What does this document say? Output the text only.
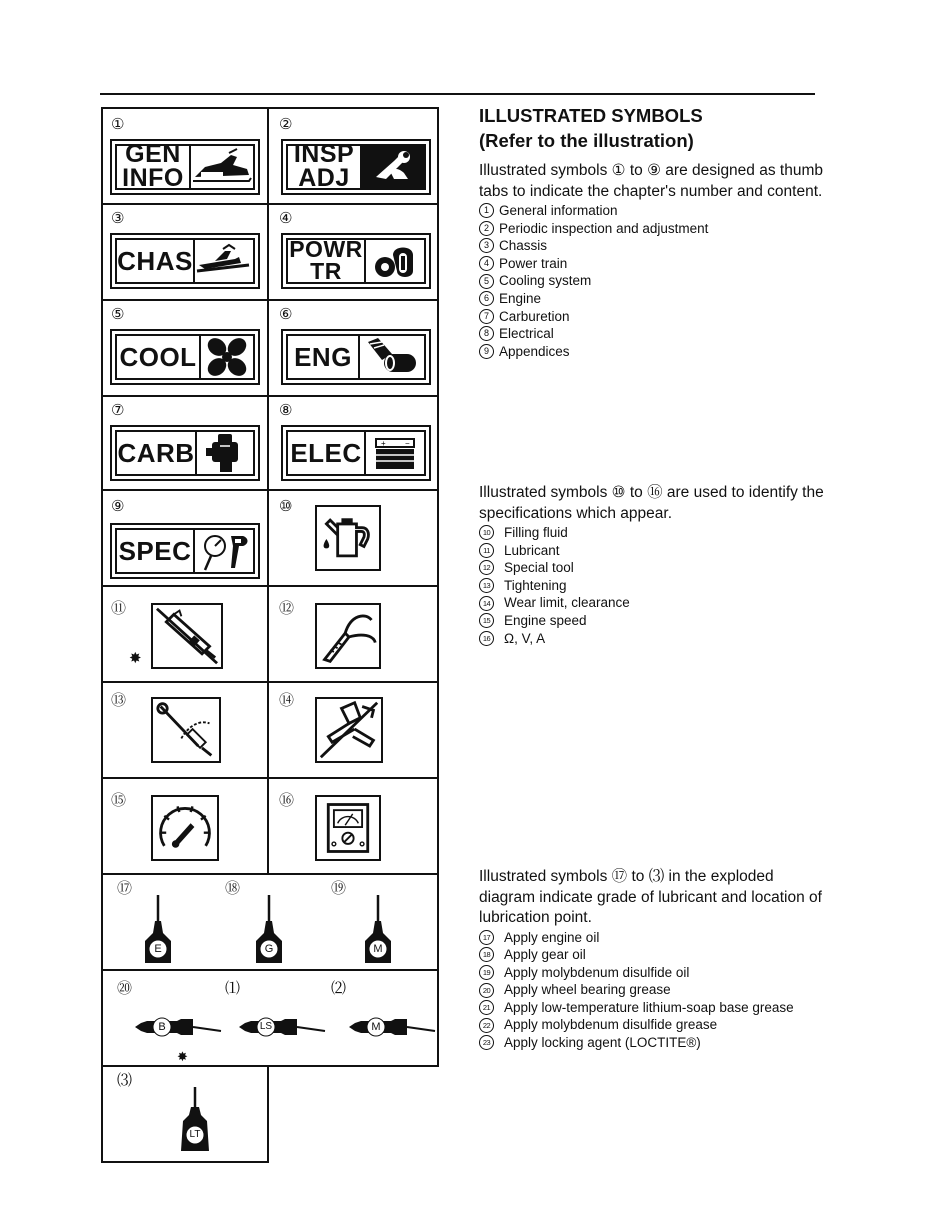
①
GEN
INFO
②
INSP
ADJ
③
CHAS
④
POWR
TR
⑤
COOL
⑥
ENG
⑦
CARB
⑧
ELEC + −
⑨
SPEC
⑩
⑪
✸
⑫
⑬	⑭
⑮	⑯
⑰	⑱	⑲
E	G	M
⑳	⑴	⑵
B	LS	M
✸
⑶
LT
ILLUSTRATED SYMBOLS
(Refer to the illustration)
Illustrated symbols ① to ⑨ are designed as thumb tabs to indicate the chapter's number and content.
1 General information
2 Periodic inspection and adjustment
3 Chassis
4 Power train
5 Cooling system
6 Engine
7 Carburetion
8 Electrical
9 Appendices
Illustrated symbols ⑩ to ⑯ are used to identify the specifications which appear.
10 Filling fluid
11	Lubricant
12 Special tool
13 Tightening
14 Wear limit, clearance
15 Engine speed
16 Ω, V, A
Illustrated symbols ⑰ to ⑶ in the exploded diagram indicate grade of lubricant and location of lubrication point.
17 Apply engine oil
18 Apply gear oil
19 Apply molybdenum disulfide oil
20 Apply wheel bearing grease
21 Apply low-temperature lithium-soap base grease
22 Apply molybdenum disulfide grease
23 Apply locking agent (LOCTITE®)
